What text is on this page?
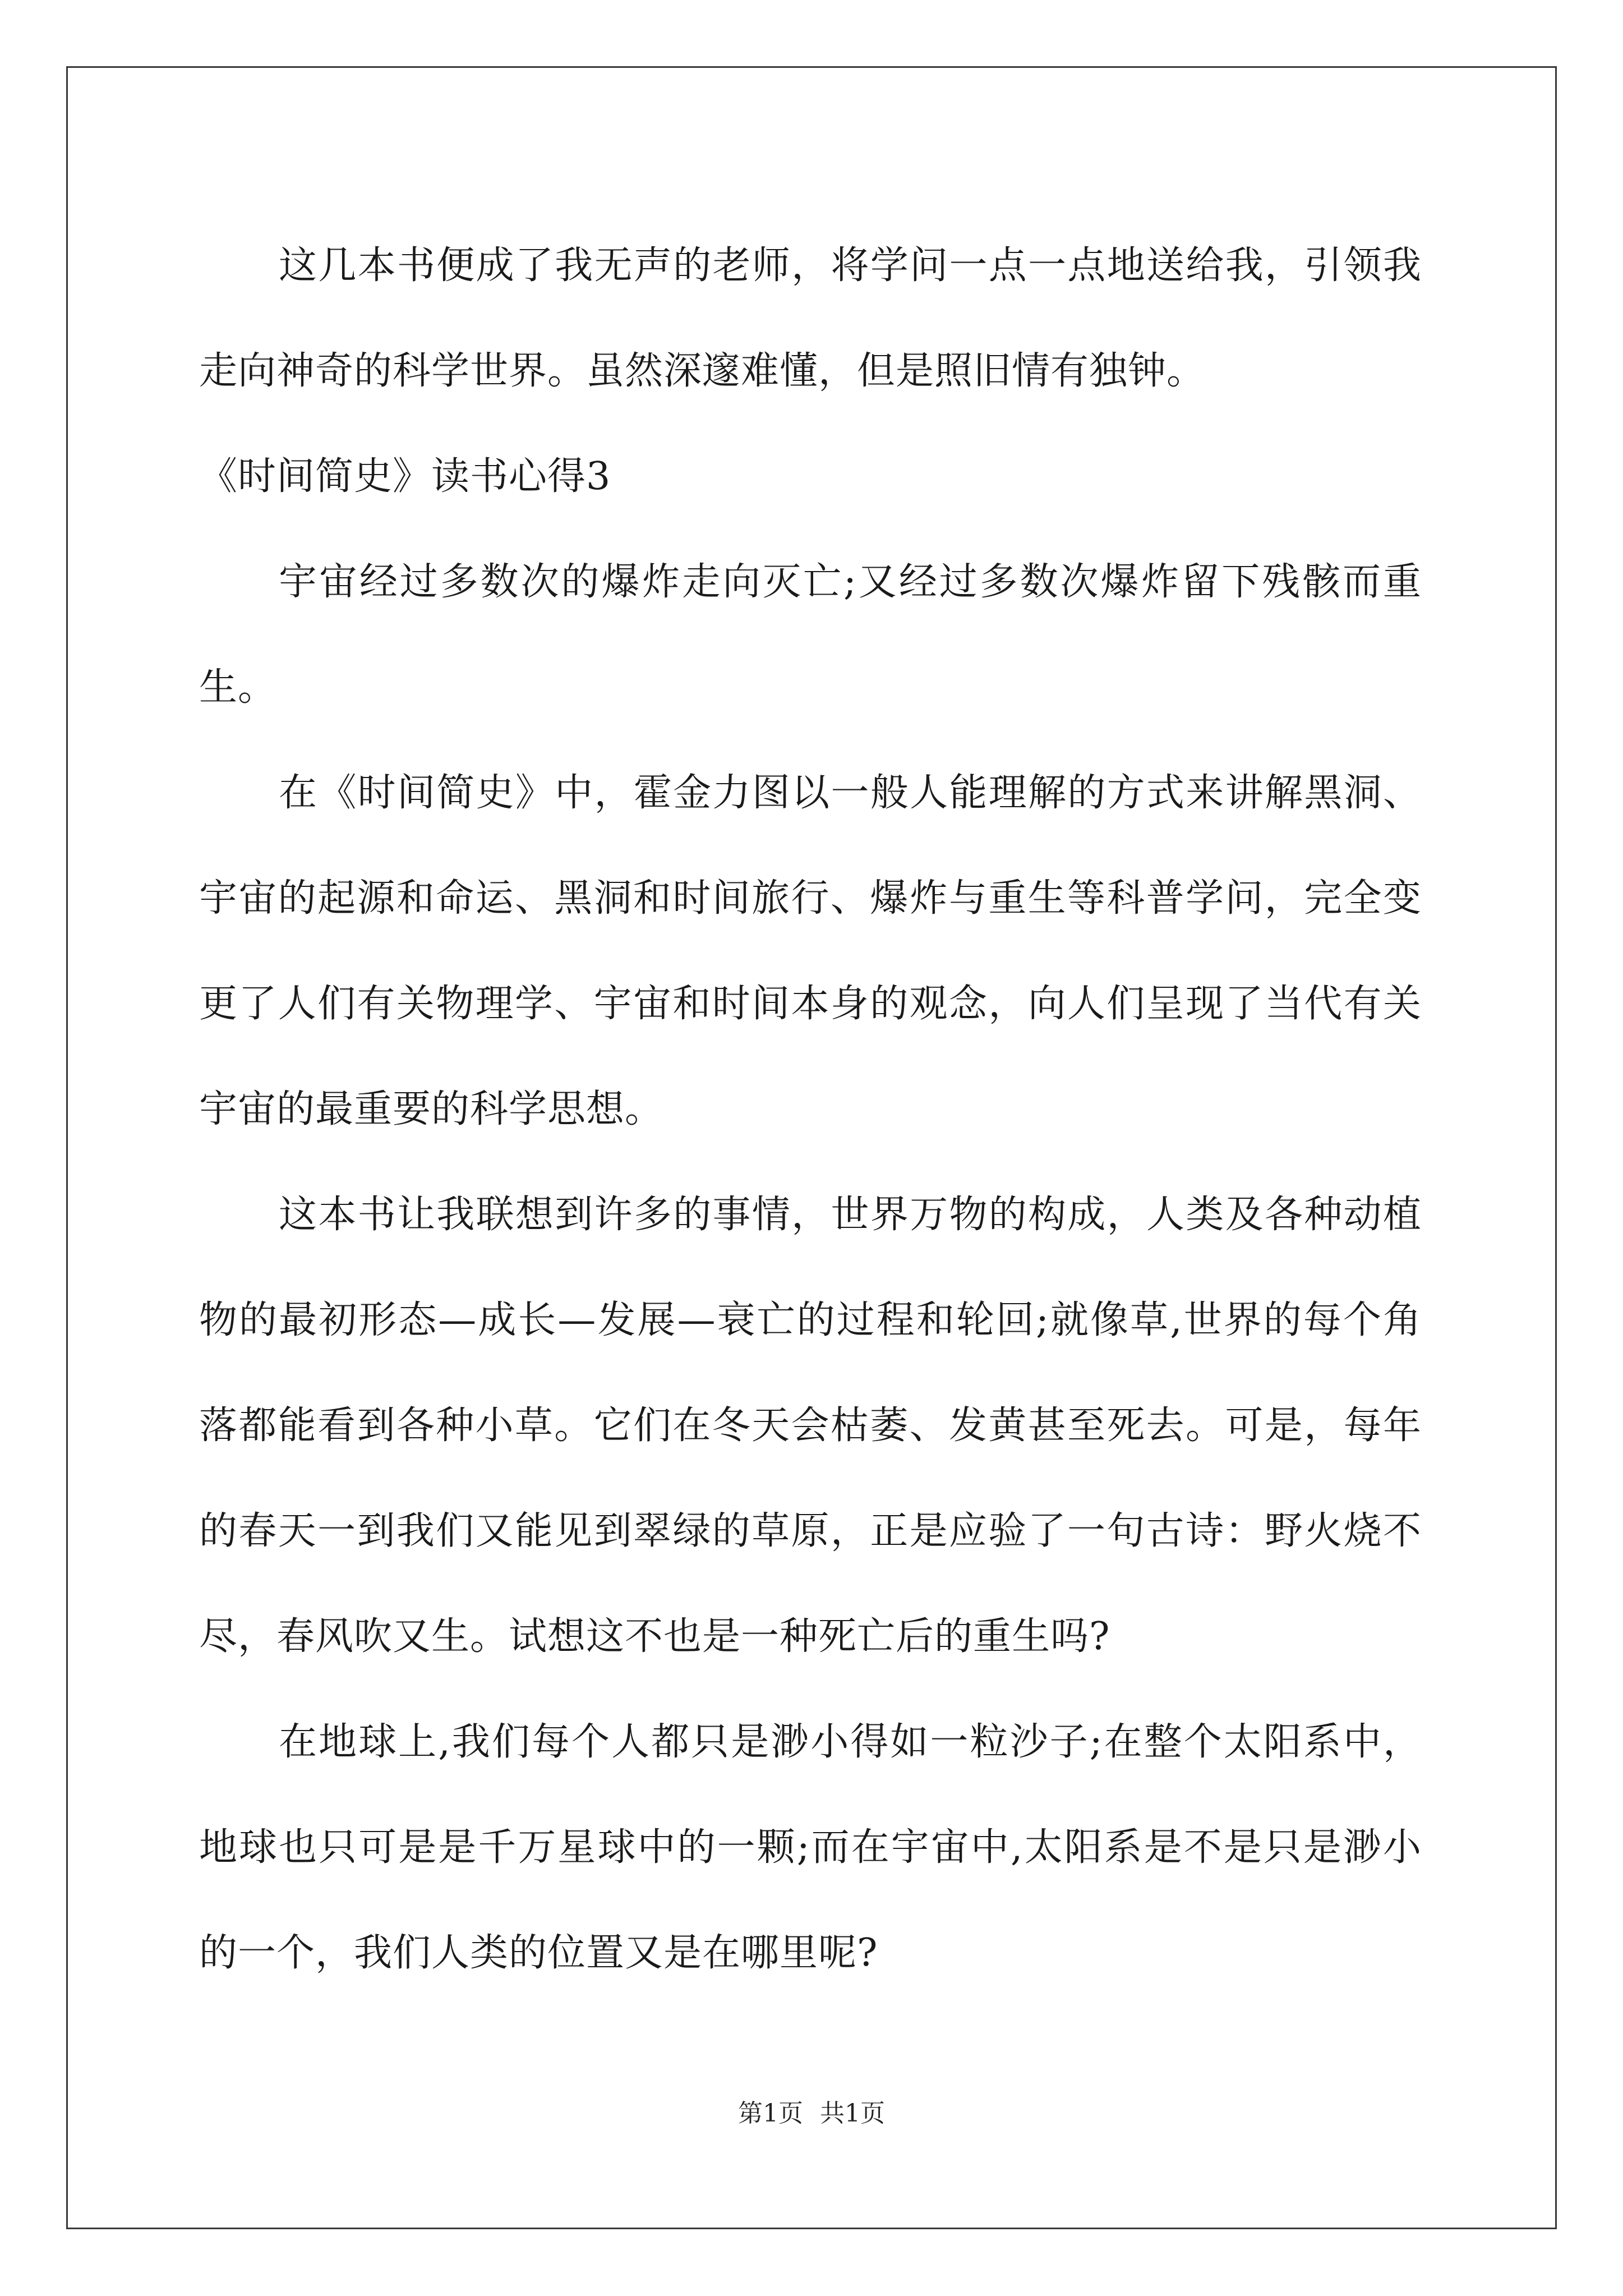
这几本书便成了我无声的老师，将学问一点一点地送给我，引领我走向神奇的科学世界。虽然深邃难懂，但是照旧情有独钟。

《时间简史》读书心得3

宇宙经过多数次的爆炸走向灭亡;又经过多数次爆炸留下残骸而重生。

在《时间简史》中，霍金力图以一般人能理解的方式来讲解黑洞、宇宙的起源和命运、黑洞和时间旅行、爆炸与重生等科普学问，完全变更了人们有关物理学、宇宙和时间本身的观念，向人们呈现了当代有关宇宙的最重要的科学思想。

这本书让我联想到许多的事情，世界万物的构成，人类及各种动植物的最初形态—成长—发展—衰亡的过程和轮回;就像草,世界的每个角落都能看到各种小草。它们在冬天会枯萎、发黄甚至死去。可是，每年的春天一到我们又能见到翠绿的草原，正是应验了一句古诗：野火烧不尽，春风吹又生。试想这不也是一种死亡后的重生吗?

在地球上,我们每个人都只是渺小得如一粒沙子;在整个太阳系中，地球也只可是是千万星球中的一颗;而在宇宙中,太阳系是不是只是渺小的一个，我们人类的位置又是在哪里呢?

第1页 共1页
